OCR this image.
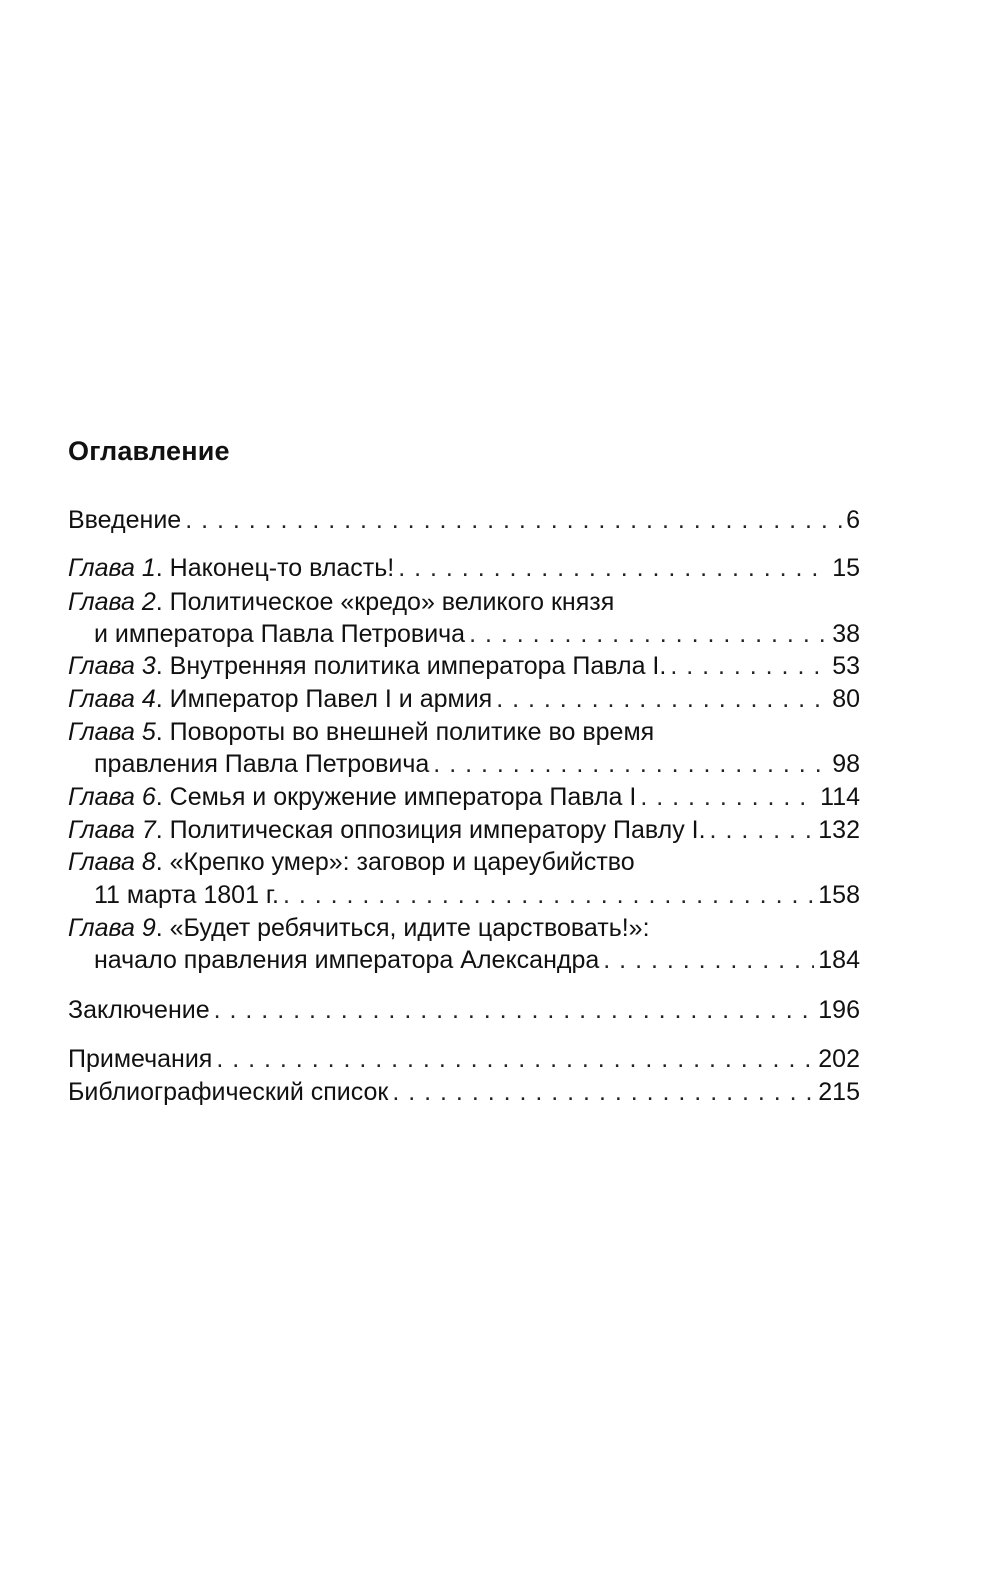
Оглавление
Введение . . .	6
Глава 1. Наконец-то власть! . . .	15
Глава 2. Политическое «кредо» великого князя
и императора Павла Петровича . . .	38
Глава 3. Внутренняя политика императора Павла I. . . .	53
Глава 4. Император Павел I и армия . . .	80
Глава 5. Повороты во внешней политике во время
правления Павла Петровича . . .	98
Глава 6. Семья и окружение императора Павла I . . .	114
Глава 7. Политическая оппозиция императору Павлу I. . . .	132
Глава 8. «Крепко умер»: заговор и цареубийство
11 марта 1801 г. . . .	158
Глава 9. «Будет ребячиться, идите царствовать!»:
начало правления императора Александра . . .	184
Заключение . . .	196
Примечания . . .	202
Библиографический список . . .	215
